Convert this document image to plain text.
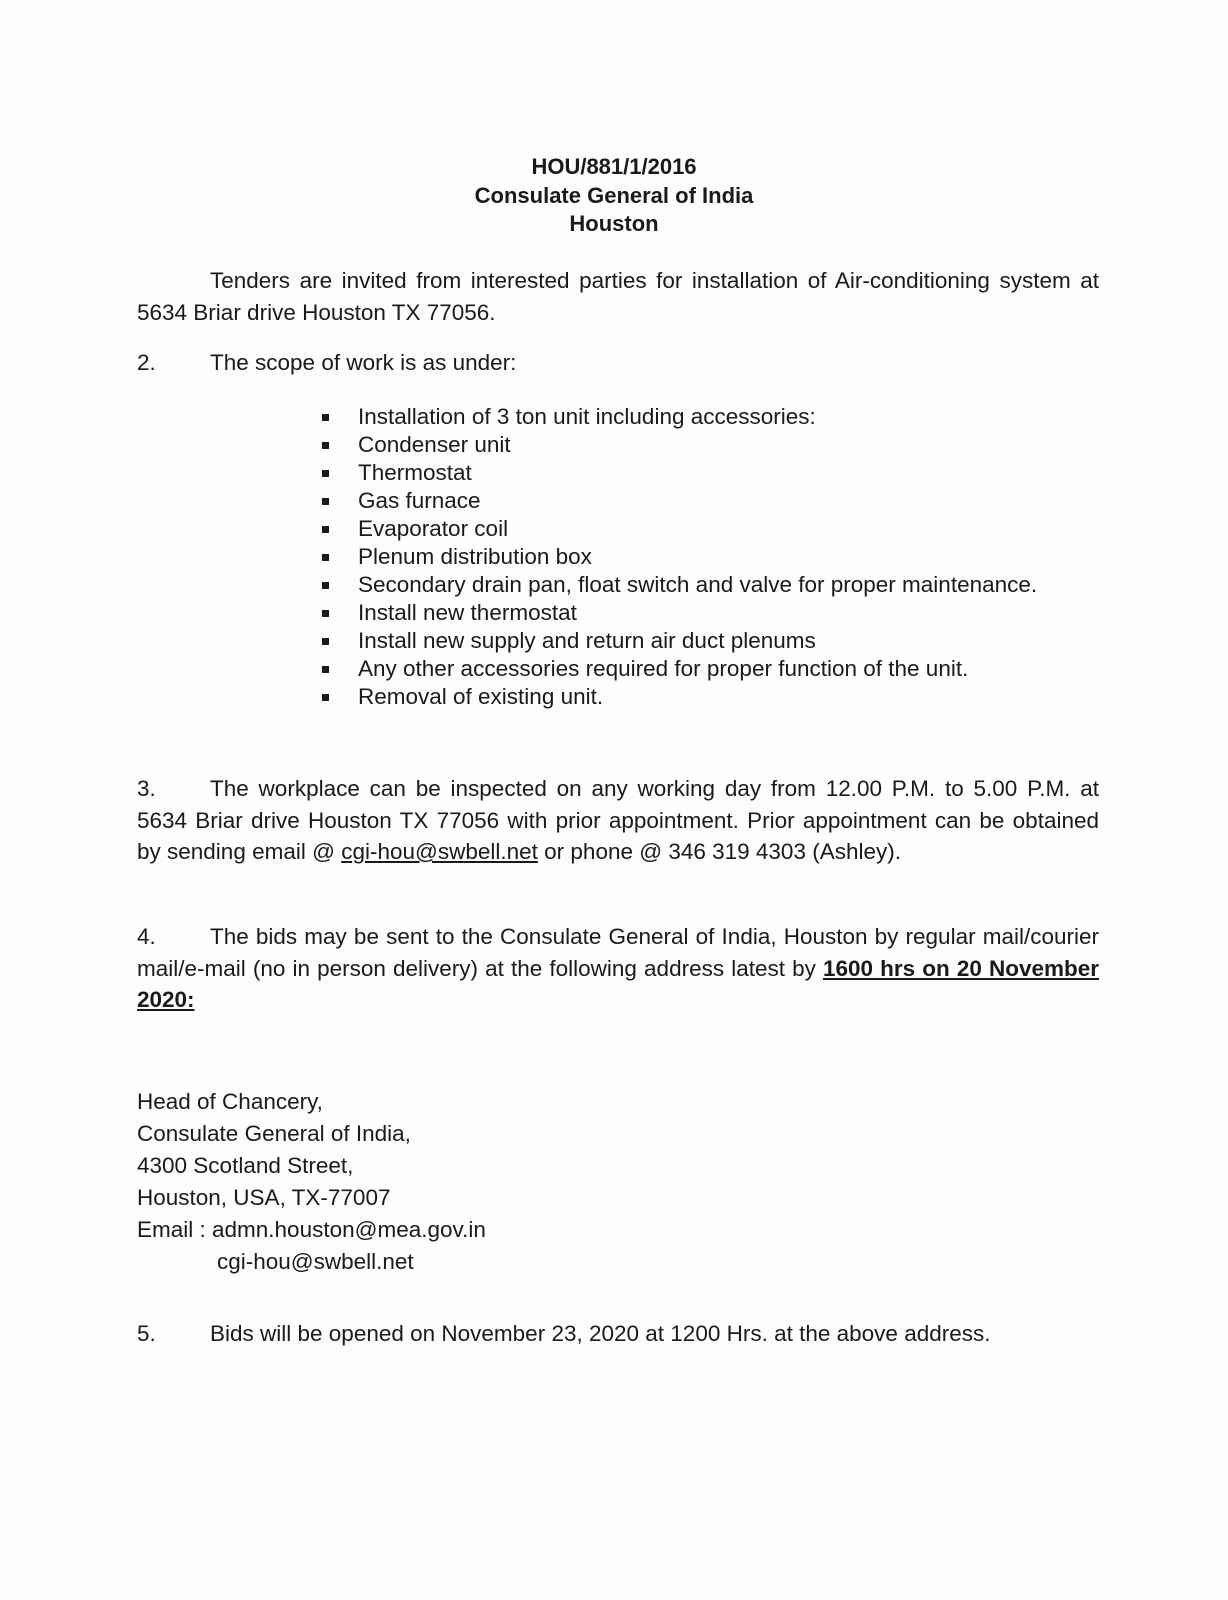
HOU/881/1/2016
Consulate General of India
Houston
Tenders are invited from interested parties for installation of Air-conditioning system at 5634 Briar drive Houston TX 77056.
2. The scope of work is as under:
Installation of 3 ton unit including accessories:
Condenser unit
Thermostat
Gas furnace
Evaporator coil
Plenum distribution box
Secondary drain pan, float switch and valve for proper maintenance.
Install new thermostat
Install new supply and return air duct plenums
Any other accessories required for proper function of the unit.
Removal of existing unit.
3. The workplace can be inspected on any working day from 12.00 P.M. to 5.00 P.M. at 5634 Briar drive Houston TX 77056 with prior appointment. Prior appointment can be obtained by sending email @ cgi-hou@swbell.net or phone @ 346 319 4303 (Ashley).
4. The bids may be sent to the Consulate General of India, Houston by regular mail/courier mail/e-mail (no in person delivery) at the following address latest by 1600 hrs on 20 November 2020:
Head of Chancery,
Consulate General of India,
4300 Scotland Street,
Houston, USA, TX-77007
Email : admn.houston@mea.gov.in
cgi-hou@swbell.net
5. Bids will be opened on November 23, 2020 at 1200 Hrs. at the above address.
